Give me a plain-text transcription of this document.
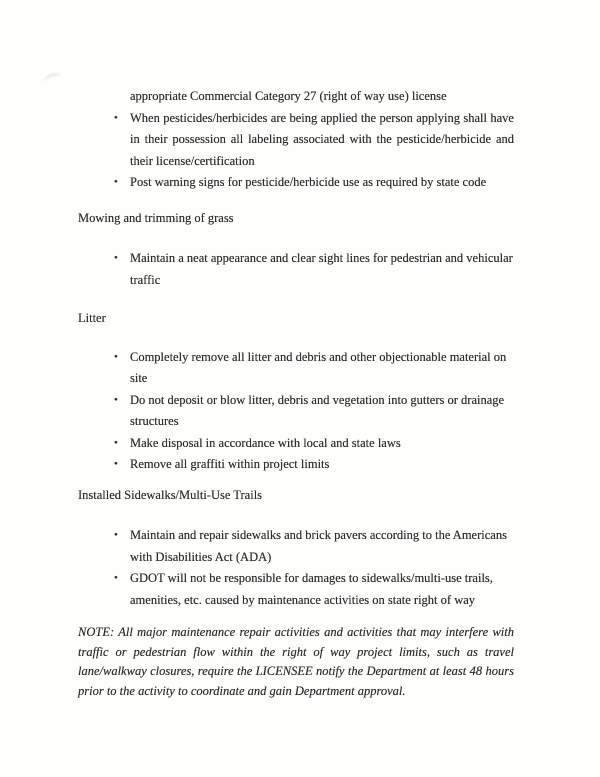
appropriate Commercial Category 27 (right of way use) license

• When pesticides/herbicides are being applied the person applying shall have in their possession all labeling associated with the pesticide/herbicide and their license/certification
• Post warning signs for pesticide/herbicide use as required by state code

Mowing and trimming of grass

• Maintain a neat appearance and clear sight lines for pedestrian and vehicular traffic

Litter

• Completely remove all litter and debris and other objectionable material on site
• Do not deposit or blow litter, debris and vegetation into gutters or drainage structures
• Make disposal in accordance with local and state laws
• Remove all graffiti within project limits

Installed Sidewalks/Multi-Use Trails

• Maintain and repair sidewalks and brick pavers according to the Americans with Disabilities Act (ADA)
• GDOT will not be responsible for damages to sidewalks/multi-use trails, amenities, etc. caused by maintenance activities on state right of way

NOTE: All major maintenance repair activities and activities that may interfere with traffic or pedestrian flow within the right of way project limits, such as travel lane/walkway closures, require the LICENSEE notify the Department at least 48 hours prior to the activity to coordinate and gain Department approval.
